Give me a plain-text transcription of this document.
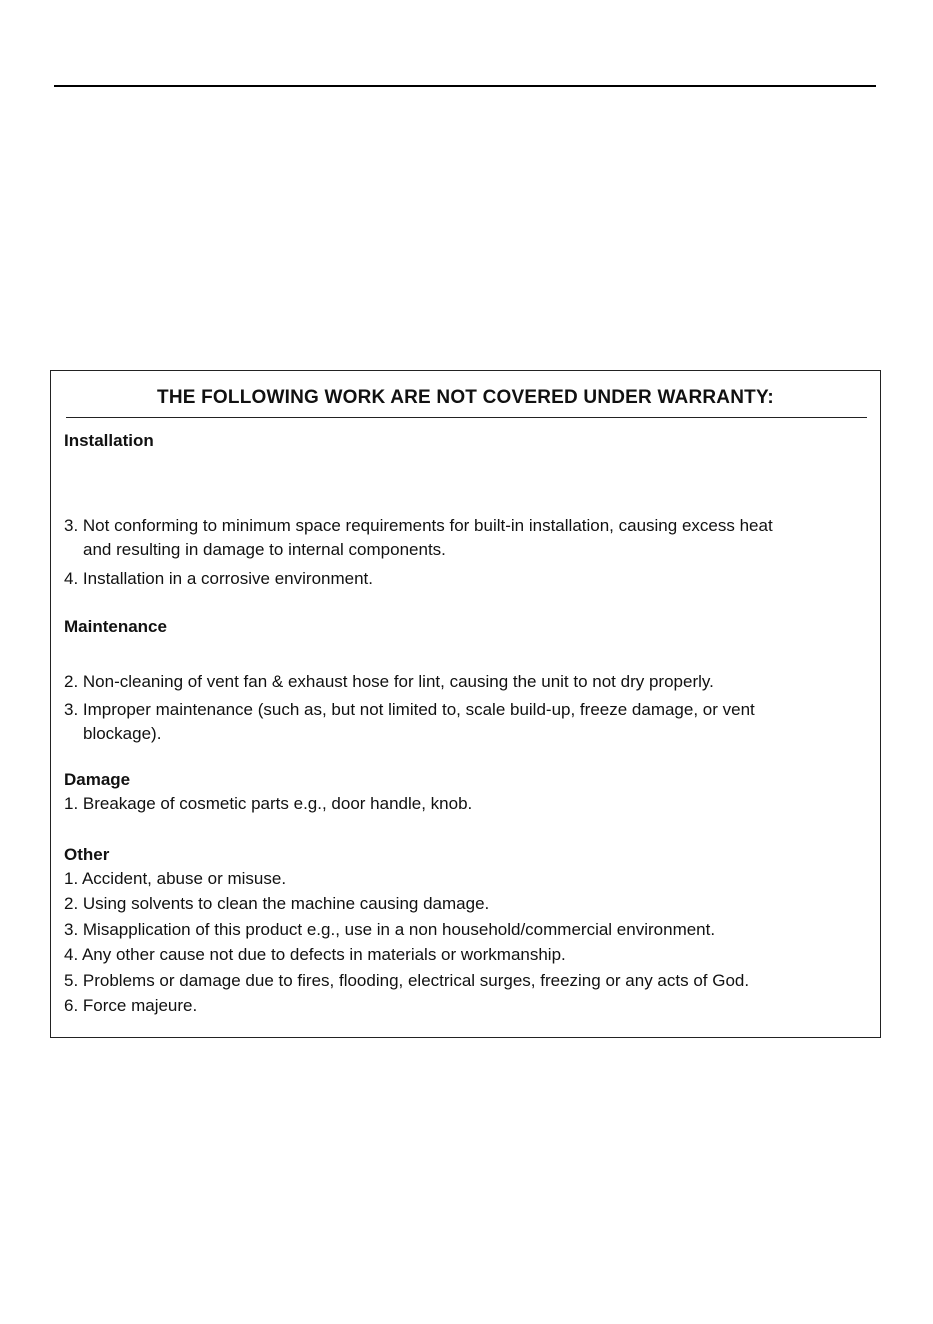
THE FOLLOWING WORK ARE NOT COVERED UNDER WARRANTY:
Installation
3. Not conforming to minimum space requirements for built-in installation, causing excess heat
and resulting in damage to internal components.
4. Installation in a corrosive environment.
Maintenance
2. Non-cleaning of vent fan & exhaust hose for lint, causing the unit to not dry properly.
3. Improper maintenance (such as, but not limited to, scale build-up, freeze damage, or vent
blockage).
Damage
1. Breakage of cosmetic parts e.g., door handle, knob.
Other
1. Accident, abuse or misuse.
2. Using solvents to clean the machine causing damage.
3. Misapplication of this product e.g., use in a non household/commercial environment.
4. Any other cause not due to defects in materials or workmanship.
5. Problems or damage due to fires, flooding, electrical surges, freezing or any acts of God.
6. Force majeure.
